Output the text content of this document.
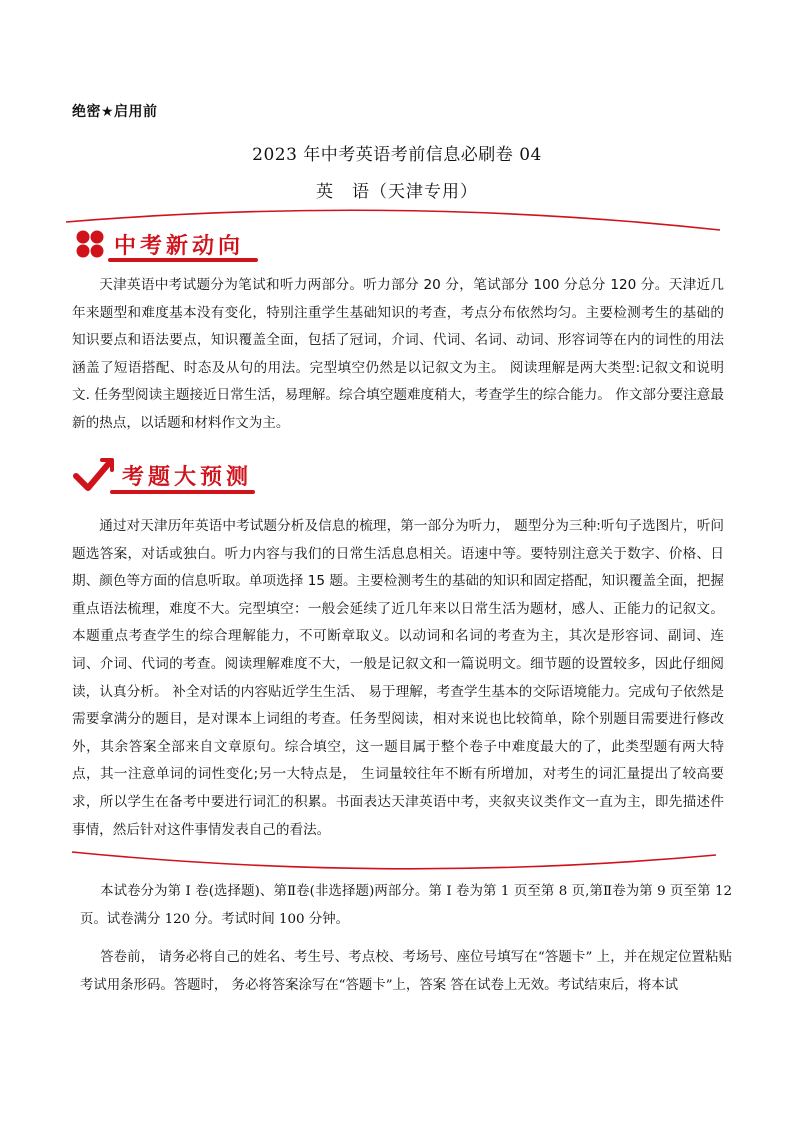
绝密★启用前
2023 年中考英语考前信息必刷卷 04
英　语（天津专用）
中考新动向
天津英语中考试题分为笔试和听力两部分。听力部分 20 分，笔试部分 100 分总分 120 分。天津近几年来题型和难度基本没有变化，特别注重学生基础知识的考查，考点分布依然均匀。主要检测考生的基础的知识要点和语法要点，知识覆盖全面，包括了冠词，介词、代词、名词、动词、形容词等在内的词性的用法涵盖了短语搭配、时态及从句的用法。完型填空仍然是以记叙文为主。 阅读理解是两大类型:记叙文和说明文. 任务型阅读主题接近日常生活，易理解。综合填空题难度稍大，考查学生的综合能力。 作文部分要注意最新的热点，以话题和材料作文为主。
考题大预测
通过对天津历年英语中考试题分析及信息的梳理，第一部分为听力， 题型分为三种:听句子选图片，听问题选答案，对话或独白。听力内容与我们的日常生活息息相关。语速中等。要特别注意关于数字、价格、日期、颜色等方面的信息听取。单项选择 15 题。主要检测考生的基础的知识和固定搭配，知识覆盖全面，把握重点语法梳理，难度不大。完型填空：一般会延续了近几年来以日常生活为题材，感人、正能力的记叙文。本题重点考查学生的综合理解能力，不可断章取义。以动词和名词的考查为主，其次是形容词、副词、连词、介词、代词的考查。阅读理解难度不大，一般是记叙文和一篇说明文。细节题的设置较多，因此仔细阅读，认真分析。 补全对话的内容贴近学生生活、 易于理解，考查学生基本的交际语境能力。完成句子依然是需要拿满分的题目，是对课本上词组的考查。任务型阅读，相对来说也比较简单，除个别题目需要进行修改外，其余答案全部来自文章原句。综合填空，这一题目属于整个卷子中难度最大的了，此类型题有两大特点，其一注意单词的词性变化;另一大特点是， 生词量较往年不断有所增加，对考生的词汇量提出了较高要求，所以学生在备考中要进行词汇的积累。书面表达天津英语中考，夹叙夹议类作文一直为主，即先描述件事情，然后针对这件事情发表自己的看法。
本试卷分为第 I 卷(选择题)、第Ⅱ卷(非选择题)两部分。第 I 卷为第 1 页至第 8 页,第Ⅱ卷为第 9 页至第 12 页。试卷满分 120 分。考试时间 100 分钟。
答卷前， 请务必将自己的姓名、考生号、考点校、考场号、座位号填写在“答题卡” 上，并在规定位置粘贴考试用条形码。答题时， 务必将答案涂写在“答题卡”上，答案 答在试卷上无效。考试结束后，将本试
